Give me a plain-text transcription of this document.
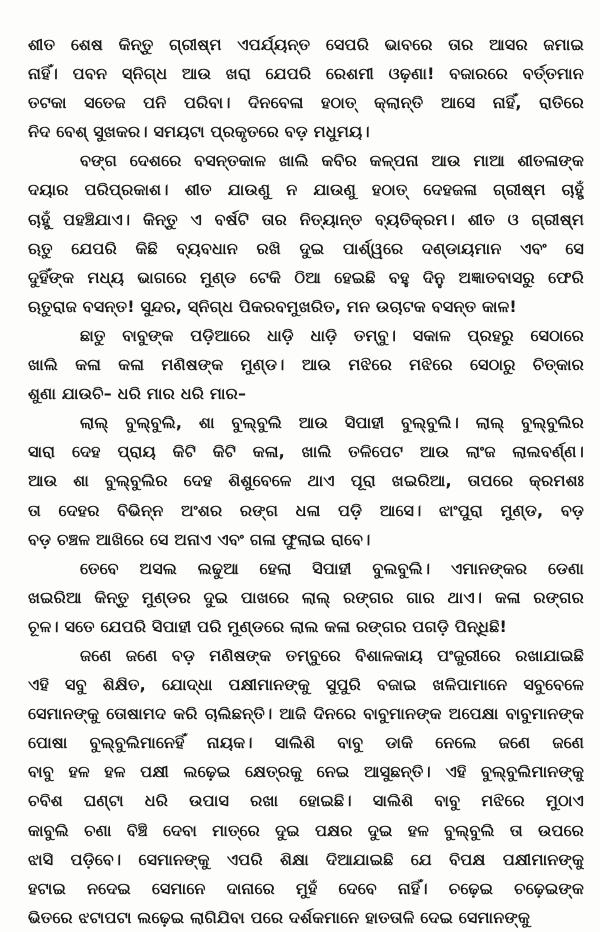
ଶୀତ ଶେଷ କିନ୍ତୁ ଗ୍ରୀଷ୍ମ ଏପର୍ଯ୍ୟନ୍ତ ସେପରି ଭାବରେ ତାର ଆସର ଜମାଇ
ନାହିଁ। ପବନ ସ୍ନିଗ୍ଧ ଆଉ ଖରା ଯେପରି ରେଶମୀ ଓଢ଼ଣା! ବଜାରରେ ବର୍ତ୍ତମାନ
ତଟକା ସତେଜ ପନି ପରିବା। ଦିନବେଳା ହଠାତ୍ କ୍ଲାନ୍ତି ଆସେ ନାହିଁ, ରାତିରେ
ନିଦ ବେଶ୍ ସୁଖକର। ସମୟଟା ପ୍ରକୃତରେ ବଡ଼ ମଧୁମୟ।
ବଙ୍ଗ ଦେଶରେ ବସନ୍ତକାଳ ଖାଲି କବିର କଳ୍ପନା ଆଉ ମାଆ ଶୀତଳାଙ୍କ
ଦୟାର ପରିପ୍ରକାଶ। ଶୀତ ଯାଉଣୁ ନ ଯାଉଣୁ ହଠାତ୍ ଦେହଜଳା ଗ୍ରୀଷ୍ମ ଚାହୁଁ
ଚାହୁଁ ପହଞ୍ଚିଯାଏ। କିନ୍ତୁ ଏ ବର୍ଷଟି ତାର ନିତ୍ୟାନ୍ତ ବ୍ୟତିକ୍ରମ। ଶୀତ ଓ ଗ୍ରୀଷ୍ମ
ଋତୁ ଯେପରି କିଛି ବ୍ୟବଧାନ ରଖି ଦୁଇ ପାର୍ଶ୍ୱରେ ଦଣ୍ଡାୟମାନ ଏବଂ ସେ
ଦୁହିଁଙ୍କ ମଧ୍ୟ ଭାଗରେ ମୁଣ୍ଡ ଟେକି ଠିଆ ହେଇଛି ବହୁ ଦିନୁ ଅଜ୍ଞାତବାସରୁ ଫେରି
ଋତୁରାଜ ବସନ୍ତ! ସୁନ୍ଦର, ସ୍ନିଗ୍ଧ ପିକରବମୁଖରିତ, ମନ ଉଚାଟକ ବସନ୍ତ କାଳ!
ଛାତୁ ବାବୁଙ୍କ ପଡ଼ିଆରେ ଧାଡ଼ି ଧାଡ଼ି ତମ୍ବୁ। ସକାଳ ପ୍ରହରୁ ସେଠାରେ
ଖାଲି କଳା କଳା ମଣିଷଙ୍କ ମୁଣ୍ଡ। ଆଉ ମଝିରେ ମଝିରେ ସେଠାରୁ ଚିତ୍କାର
ଶୁଣା ଯାଉଚି– ଧରି ମାର ଧରି ମାର–
ଲାଲ୍ ବୁଲ୍‌ବୁଲି, ଶା ବୁଲ୍‌ବୁଲି ଆଉ ସିପାହୀ ବୁଲ୍‌ବୁଲି। ଲାଲ୍ ବୁଲ୍‌ବୁଲିର
ସାରା ଦେହ ପ୍ରାୟ କିଟି କିଟି କଳା, ଖାଲି ତଳିପେଟ ଆଉ ଲାଂଜ ଲାଲବର୍ଣ୍ଣ।
ଆଉ ଶା ବୁଲ୍‌ବୁଲିର ଦେହ ଶିଶୁବେଳେ ଥାଏ ପୂରା ଖଇରିଆ, ତାପରେ କ୍ରମଶଃ
ତା ଦେହର ବିଭିନ୍ନ ଅଂଶର ରଙ୍ଗ ଧଳା ପଡ଼ି ଆସେ। ଝାଂପୁରା ମୁଣ୍ଡ, ବଡ଼
ବଡ଼ ଚଞ୍ଚଳ ଆଖିରେ ସେ ଅନାଏ ଏବଂ ଗଳା ଫୁଲାଇ ରାବେ।
ତେବେ ଅସଲ ଲଢୁଆ ହେଲା ସିପାହୀ ବୁଲବୁଲି। ଏମାନଙ୍କର ଡେଣା
ଖଇରିଆ କିନ୍ତୁ ମୁଣ୍ଡର ଦୁଇ ପାଖରେ ଲାଲ୍ ରଙ୍ଗର ଗାର ଥାଏ। କଳା ରଙ୍ଗର
ଚୂଳ। ସତେ ଯେପରି ସିପାହୀ ପରି ମୁଣ୍ଡରେ ଲାଲ କଳା ରଙ୍ଗର ପଗଡ଼ି ପିନ୍ଧିଛି!
ଜଣେ ଜଣେ ବଡ଼ ମଣିଷଙ୍କ ତମ୍ବୁରେ ବିଶାଳକାୟ ପଂଜୁରୀରେ ରଖାଯାଇଛି
ଏହି ସବୁ ଶିକ୍ଷିତ, ଯୋଦ୍ଧା ପକ୍ଷୀମାନଙ୍କୁ ସୁପୁରି ବଜାଇ ଖଳିପାମାନେ ସବୁବେଳେ
ସେମାନଙ୍କୁ ତୋଷାମଦ କରି ଚାଲିଛନ୍ତି। ଆଜି ଦିନରେ ବାବୁମାନଙ୍କ ଅପେକ୍ଷା ବାବୁମାନଙ୍କ
ପୋଷା ବୁଲ୍‌ବୁଲିମାନେହିଁ ନାୟକ। ସାଲିଶି ବାବୁ ଡାକି ନେଲେ ଜଣେ ଜଣେ
ବାବୁ ହଳ ହଳ ପକ୍ଷୀ ଲଢ଼େଇ କ୍ଷେତ୍ରକୁ ନେଇ ଆସୁଛନ୍ତି। ଏହି ବୁଲ୍‌ବୁଲିମାନଙ୍କୁ
ଚବିଶ ଘଣ୍ଟା ଧରି ଉପାସ ରଖା ହୋଇଛି। ସାଲିଶି ବାବୁ ମଝିରେ ମୁଠାଏ
କାବୁଲି ଚଣା ବିଞ୍ଚି ଦେବା ମାତ୍ରେ ଦୁଇ ପକ୍ଷର ଦୁଇ ହଳ ବୁଲ୍‌ବୁଲି ତା ଉପରେ
ଝାସି ପଡ଼ିବେ। ସେମାନଙ୍କୁ ଏପରି ଶିକ୍ଷା ଦିଆଯାଇଛି ଯେ ବିପକ୍ଷ ପକ୍ଷୀମାନଙ୍କୁ
ହଟାଇ ନଦେଇ ସେମାନେ ଦାନାରେ ମୁହଁ ଦେବେ ନାହିଁ। ଚଢ଼େଇ ଚଢ଼େଇଙ୍କ
ଭିତରେ ଝଟାପଟା ଲଢ଼େଇ ଲାଗିଯିବା ପରେ ଦର୍ଶକମାନେ ହାତତାଳି ଦେଇ ସେମାନଙ୍କୁ
